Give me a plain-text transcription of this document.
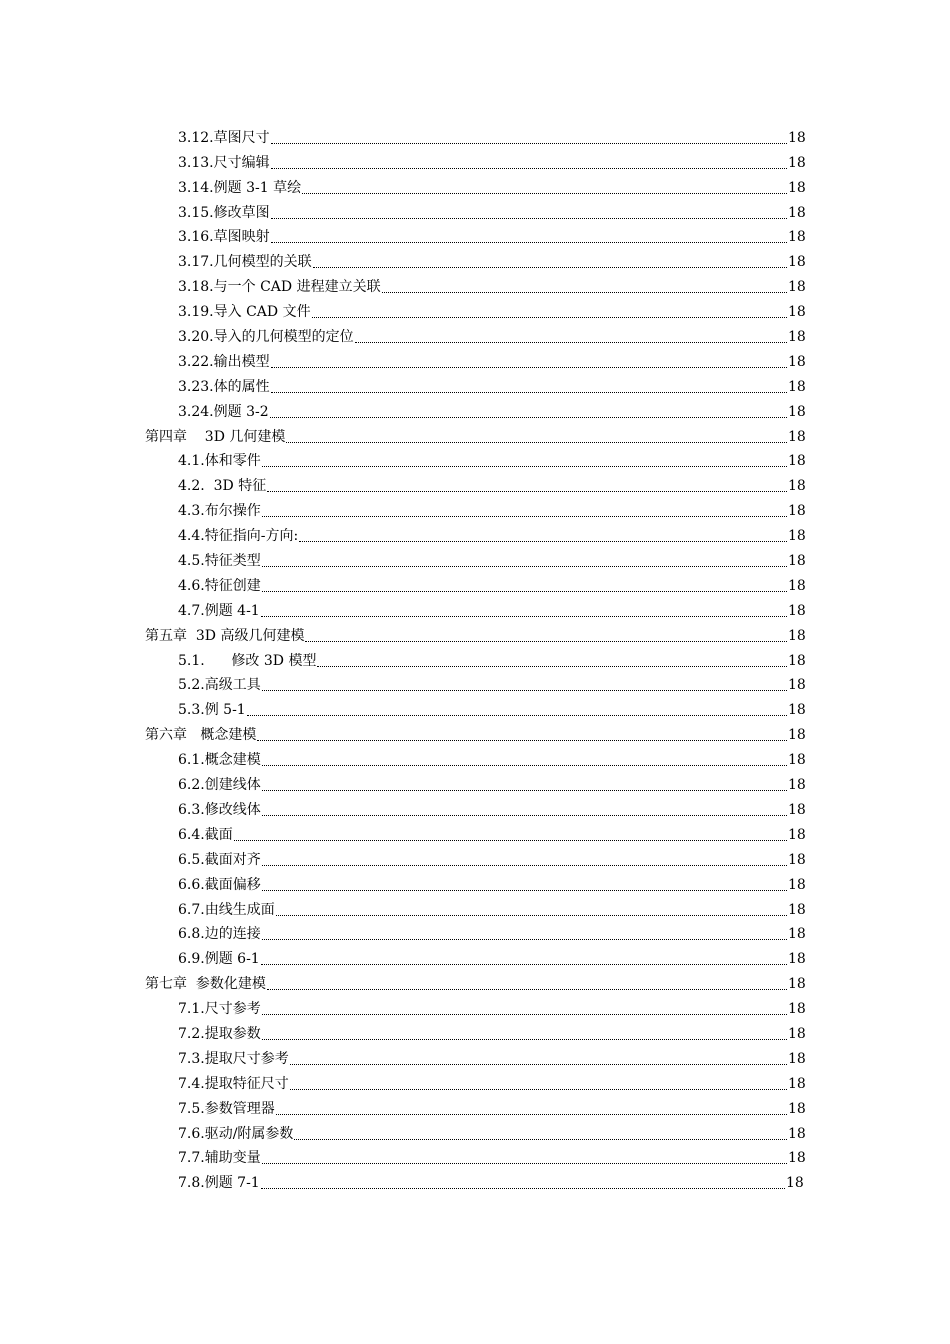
3.12.草图尺寸	18
3.13.尺寸编辑	18
3.14.例题 3-1 草绘	18
3.15.修改草图	18
3.16.草图映射	18
3.17.几何模型的关联	18
3.18.与一个 CAD 进程建立关联	18
3.19.导入 CAD 文件	18
3.20.导入的几何模型的定位	18
3.22.输出模型	18
3.23.体的属性	18
3.24.例题 3-2	18
第四章    3D 几何建模	18
4.1.体和零件	18
4.2.  3D 特征	18
4.3.布尔操作	18
4.4.特征指向-方向:	18
4.5.特征类型	18
4.6.特征创建	18
4.7.例题 4-1	18
第五章  3D 高级几何建模	18
5.1.      修改 3D 模型	18
5.2.高级工具	18
5.3.例 5-1	18
第六章   概念建模	18
6.1.概念建模	18
6.2.创建线体	18
6.3.修改线体	18
6.4.截面	18
6.5.截面对齐	18
6.6.截面偏移	18
6.7.由线生成面	18
6.8.边的连接	18
6.9.例题 6-1	18
第七章  参数化建模	18
7.1.尺寸参考	18
7.2.提取参数	18
7.3.提取尺寸参考	18
7.4.提取特征尺寸	18
7.5.参数管理器	18
7.6.驱动/附属参数	18
7.7.辅助变量	18
7.8.例题 7-1	18
